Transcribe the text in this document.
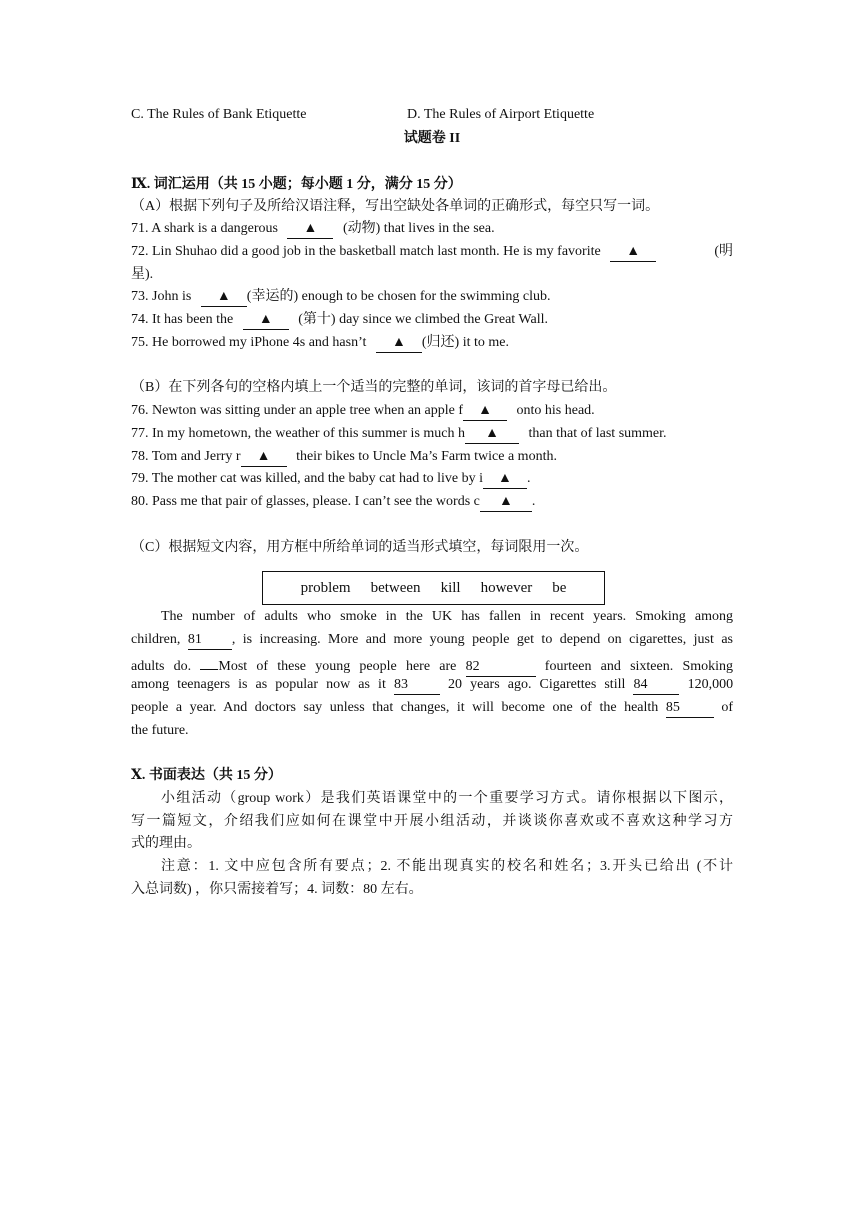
C. The Rules of Bank Etiquette	D. The Rules of Airport Etiquette
试题卷 II
Ⅸ. 词汇运用（共 15 小题；每小题 1 分，满分 15 分）
（A）根据下列句子及所给汉语注释，写出空缺处各单词的正确形式，每空只写一词。
71. A shark is a dangerous ▲ (动物) that lives in the sea.
72. Lin Shuhao did a good job in the basketball match last month. He is my favorite ▲	(明
星).
73. John is ▲ (幸运的) enough to be chosen for the swimming club.
74. It has been the ▲ (第十) day since we climbed the Great Wall.
75. He borrowed my iPhone 4s and hasn’t ▲ (归还) it to me.
（B）在下列各句的空格内填上一个适当的完整的单词，该词的首字母已给出。
76. Newton was sitting under an apple tree when an apple f ▲ onto his head.
77. In my hometown, the weather of this summer is much h ▲ than that of last summer.
78. Tom and Jerry r ▲ their bikes to Uncle Ma’s Farm twice a month.
79. The mother cat was killed, and the baby cat had to live by i ▲ .
80. Pass me that pair of glasses, please. I can’t see the words c ▲ .
（C）根据短文内容，用方框中所给单词的适当形式填空，每词限用一次。
The number of adults who smoke in the UK has fallen in recent years. Smoking among
children, 81 , is increasing. More and more young people get to depend on cigarettes, just as
adults do. Most of these young people here are 82	fourteen and sixteen. Smoking
among teenagers is as popular now as it 83	20 years ago. Cigarettes still 84	120,000
people a year. And doctors say unless that changes, it will become one of the health 85	of
the future.
Ⅹ. 书面表达（共 15 分）
小组活动（group work）是我们英语课堂中的一个重要学习方式。请你根据以下图示，
写一篇短文，介绍我们应如何在课堂中开展小组活动，并谈谈你喜欢或不喜欢这种学习方
式的理由。
注意：1. 文中应包含所有要点；2. 不能出现真实的校名和姓名；3.开头已给出 (不计
入总词数) ，你只需接着写；4. 词数：80 左右。
problem between kill however be
